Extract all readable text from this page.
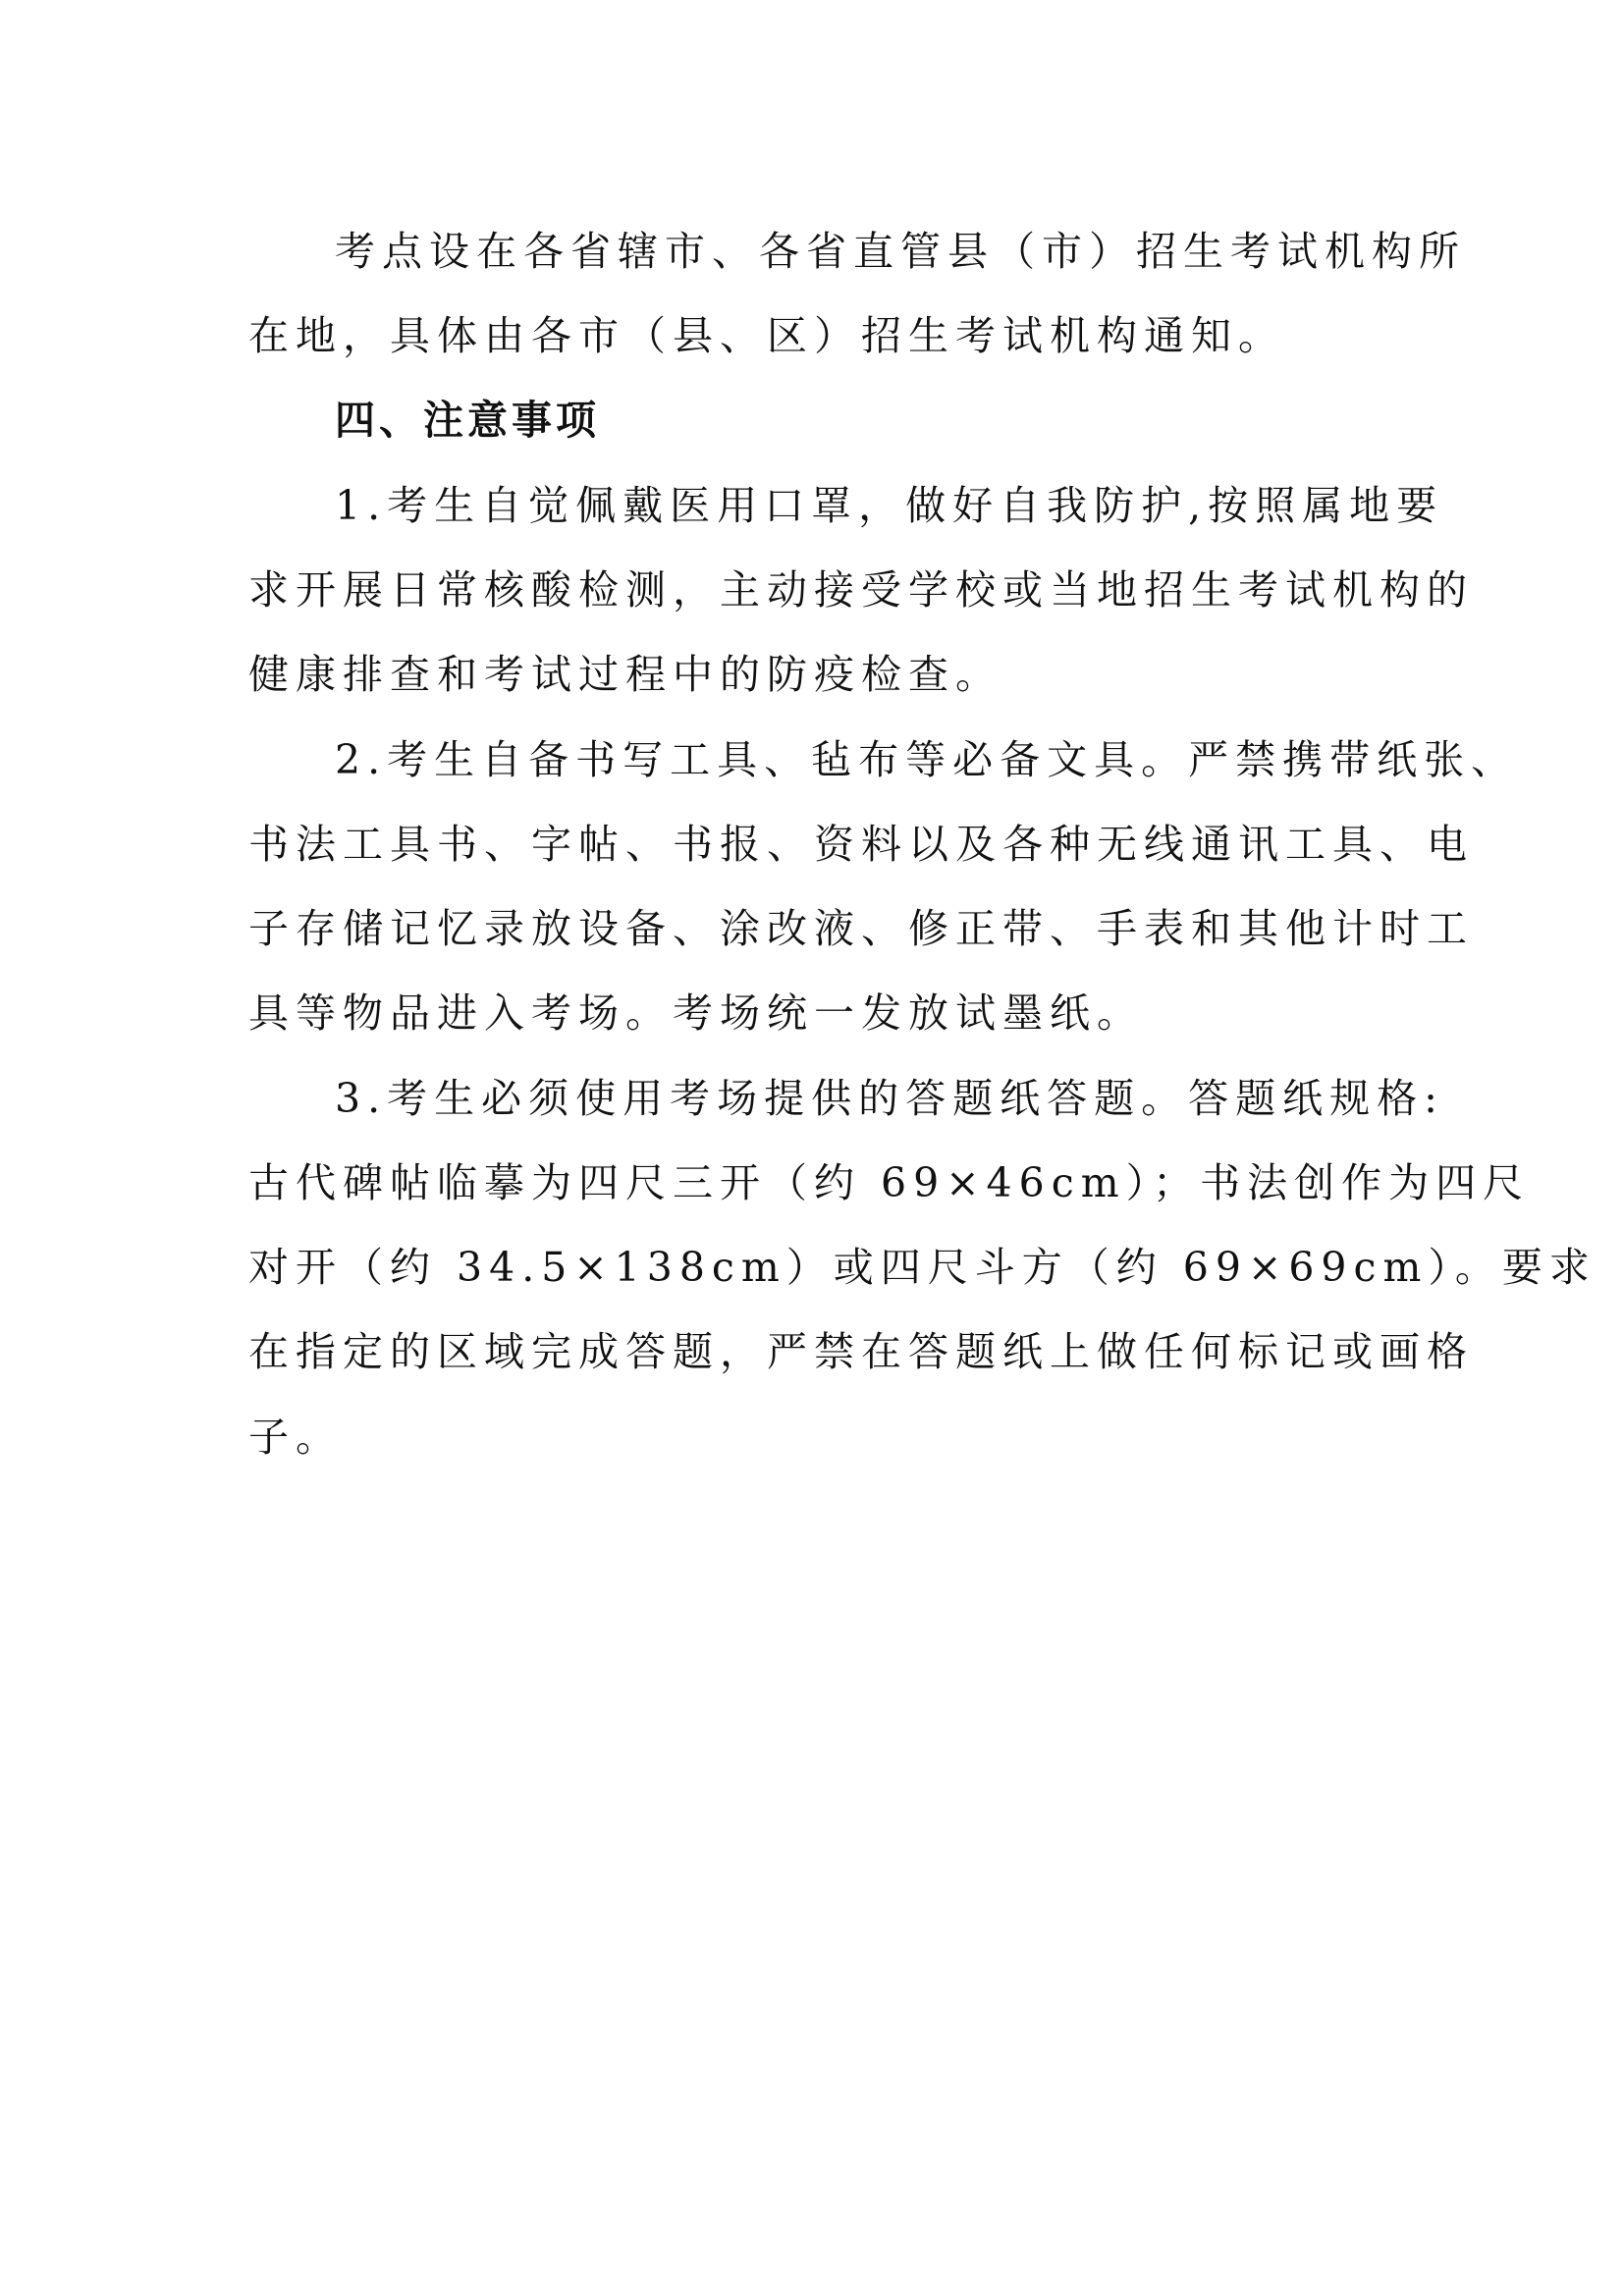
考点设在各省辖市、各省直管县（市）招生考试机构所
在地，具体由各市（县、区）招生考试机构通知。
四、注意事项
1.考生自觉佩戴医用口罩，做好自我防护,按照属地要
求开展日常核酸检测，主动接受学校或当地招生考试机构的
健康排查和考试过程中的防疫检查。
2.考生自备书写工具、毡布等必备文具。严禁携带纸张、
书法工具书、字帖、书报、资料以及各种无线通讯工具、电
子存储记忆录放设备、涂改液、修正带、手表和其他计时工
具等物品进入考场。考场统一发放试墨纸。
3.考生必须使用考场提供的答题纸答题。答题纸规格:
古代碑帖临摹为四尺三开（约 69×46cm）；书法创作为四尺
对开（约 34.5×138cm）或四尺斗方（约 69×69cm）。要求
在指定的区域完成答题，严禁在答题纸上做任何标记或画格
子。
